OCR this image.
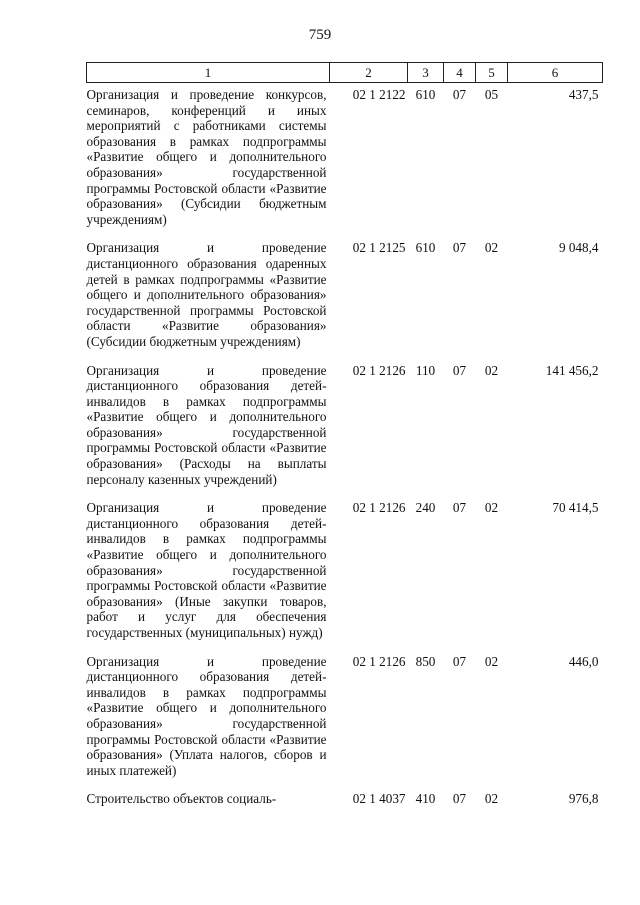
759
1	2	3	4	5	6
Организация и проведение конкурсов, семинаров, конференций и иных мероприятий с работниками системы образования в рамках подпрограммы «Развитие общего и дополнительного образования» государственной программы Ростовской области «Развитие образования» (Субсидии бюджетным учреждениям)	02 1 2122	610	07	05	437,5

Организация и проведение дистанционного образования одаренных детей в рамках подпрограммы «Развитие общего и дополнительного образования» государственной программы Ростовской области «Развитие образования» (Субсидии бюджетным учреждениям)	02 1 2125	610	07	02	9 048,4

Организация и проведение дистанционного образования детей-инвалидов в рамках подпрограммы «Развитие общего и дополнительного образования» государственной программы Ростовской области «Развитие образования» (Расходы на выплаты персоналу казенных учреждений)	02 1 2126	110	07	02	141 456,2

Организация и проведение дистанционного образования детей-инвалидов в рамках подпрограммы «Развитие общего и дополнительного образования» государственной программы Ростовской области «Развитие образования» (Иные закупки товаров, работ и услуг для обеспечения государственных (муниципальных) нужд)	02 1 2126	240	07	02	70 414,5

Организация и проведение дистанционного образования детей-инвалидов в рамках подпрограммы «Развитие общего и дополнительного образования» государственной программы Ростовской области «Развитие образования» (Уплата налогов, сборов и иных платежей)	02 1 2126	850	07	02	446,0

Строительство объектов социаль-	02 1 4037	410	07	02	976,8
